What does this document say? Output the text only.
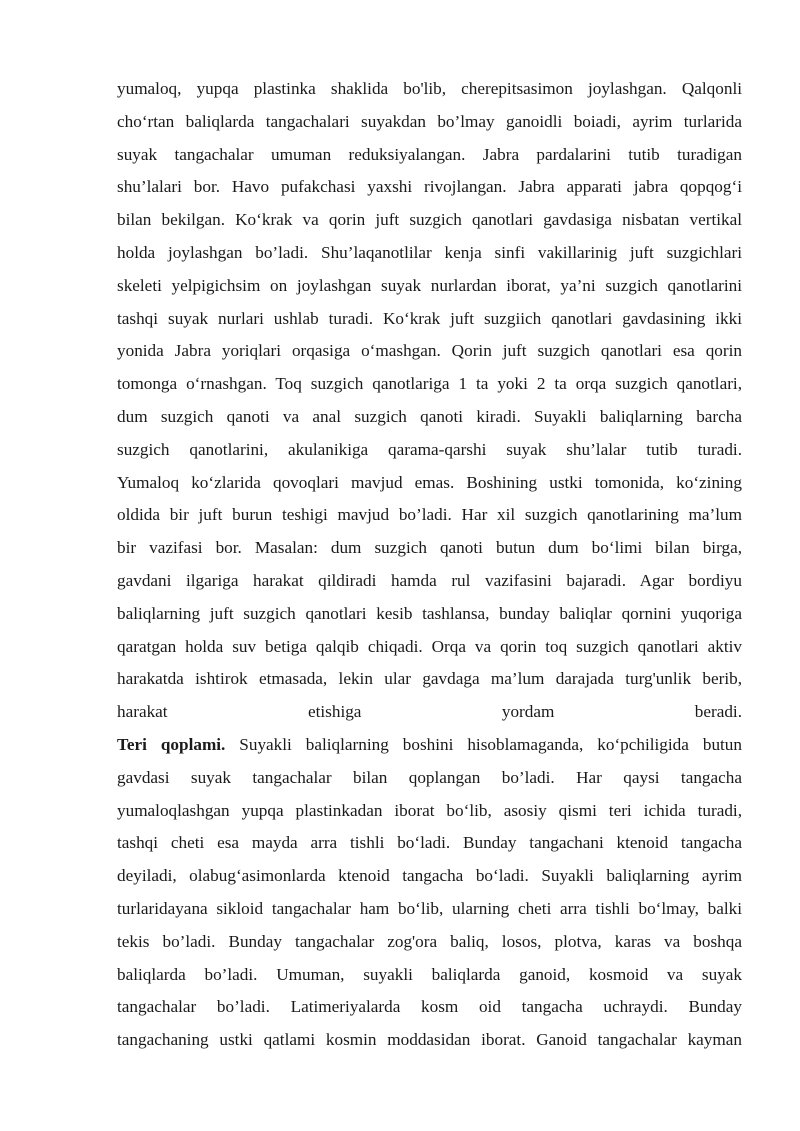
yumaloq, yupqa plastinka shaklida bo'lib, cherepitsasimon joylashgan. Qalqonli
cho‘rtan baliqlarda tangachalari suyakdan bo’lmay ganoidli boiadi, ayrim turlarida
suyak tangachalar umuman reduksiyalangan. Jabra pardalarini tutib turadigan
shu’lalari bor. Havo pufakchasi yaxshi rivojlangan. Jabra apparati jabra qopqog‘i
bilan bekilgan. Ko‘krak va qorin juft suzgich qanotlari gavdasiga nisbatan vertikal
holda joylashgan bo’ladi. Shu’laqanotlilar kenja sinfi vakillarinig juft suzgichlari
skeleti yelpigichsim on joylashgan suyak nurlardan iborat, ya’ni suzgich qanotlarini
tashqi suyak nurlari ushlab turadi. Ko‘krak juft suzgiich qanotlari gavdasining ikki
yonida Jabra yoriqlari orqasiga o‘mashgan. Qorin juft suzgich qanotlari esa qorin
tomonga o‘rnashgan. Toq suzgich qanotlariga 1 ta yoki 2 ta orqa suzgich qanotlari,
dum suzgich qanoti va anal suzgich qanoti kiradi. Suyakli baliqlarning barcha
suzgich qanotlarini, akulanikiga qarama-qarshi suyak shu’lalar tutib turadi.
Yumaloq ko‘zlarida qovoqlari mavjud emas. Boshining ustki tomonida, ko‘zining
oldida bir juft burun teshigi mavjud bo’ladi. Har xil suzgich qanotlarining ma’lum
bir vazifasi bor. Masalan: dum suzgich qanoti butun dum bo‘limi bilan birga,
gavdani ilgariga harakat qildiradi hamda rul vazifasini bajaradi. Agar bordiyu
baliqlarning juft suzgich qanotlari kesib tashlansa, bunday baliqlar qornini yuqoriga
qaratgan holda suv betiga qalqib chiqadi. Orqa va qorin toq suzgich qanotlari aktiv
harakatda ishtirok etmasada, lekin ular gavdaga ma’lum darajada turg'unlik berib,
harakat etishiga yordam beradi.
Teri qoplami. Suyakli baliqlarning boshini hisoblamaganda, ko‘pchiligida butun
gavdasi suyak tangachalar bilan qoplangan bo’ladi. Har qaysi tangacha
yumaloqlashgan yupqa plastinkadan iborat bo‘lib, asosiy qismi teri ichida turadi,
tashqi cheti esa mayda arra tishli bo‘ladi. Bunday tangachani ktenoid tangacha
deyiladi, olabug‘asimonlarda ktenoid tangacha bo‘ladi. Suyakli baliqlarning ayrim
turlaridayana sikloid tangachalar ham bo‘lib, ularning cheti arra tishli bo‘lmay, balki
tekis bo’ladi. Bunday tangachalar zog'ora baliq, losos, plotva, karas va boshqa
baliqlarda bo’ladi. Umuman, suyakli baliqlarda ganoid, kosmoid va suyak
tangachalar bo’ladi. Latimeriyalarda kosm oid tangacha uchraydi. Bunday
tangachaning ustki qatlami kosmin moddasidan iborat. Ganoid tangachalar kayman
